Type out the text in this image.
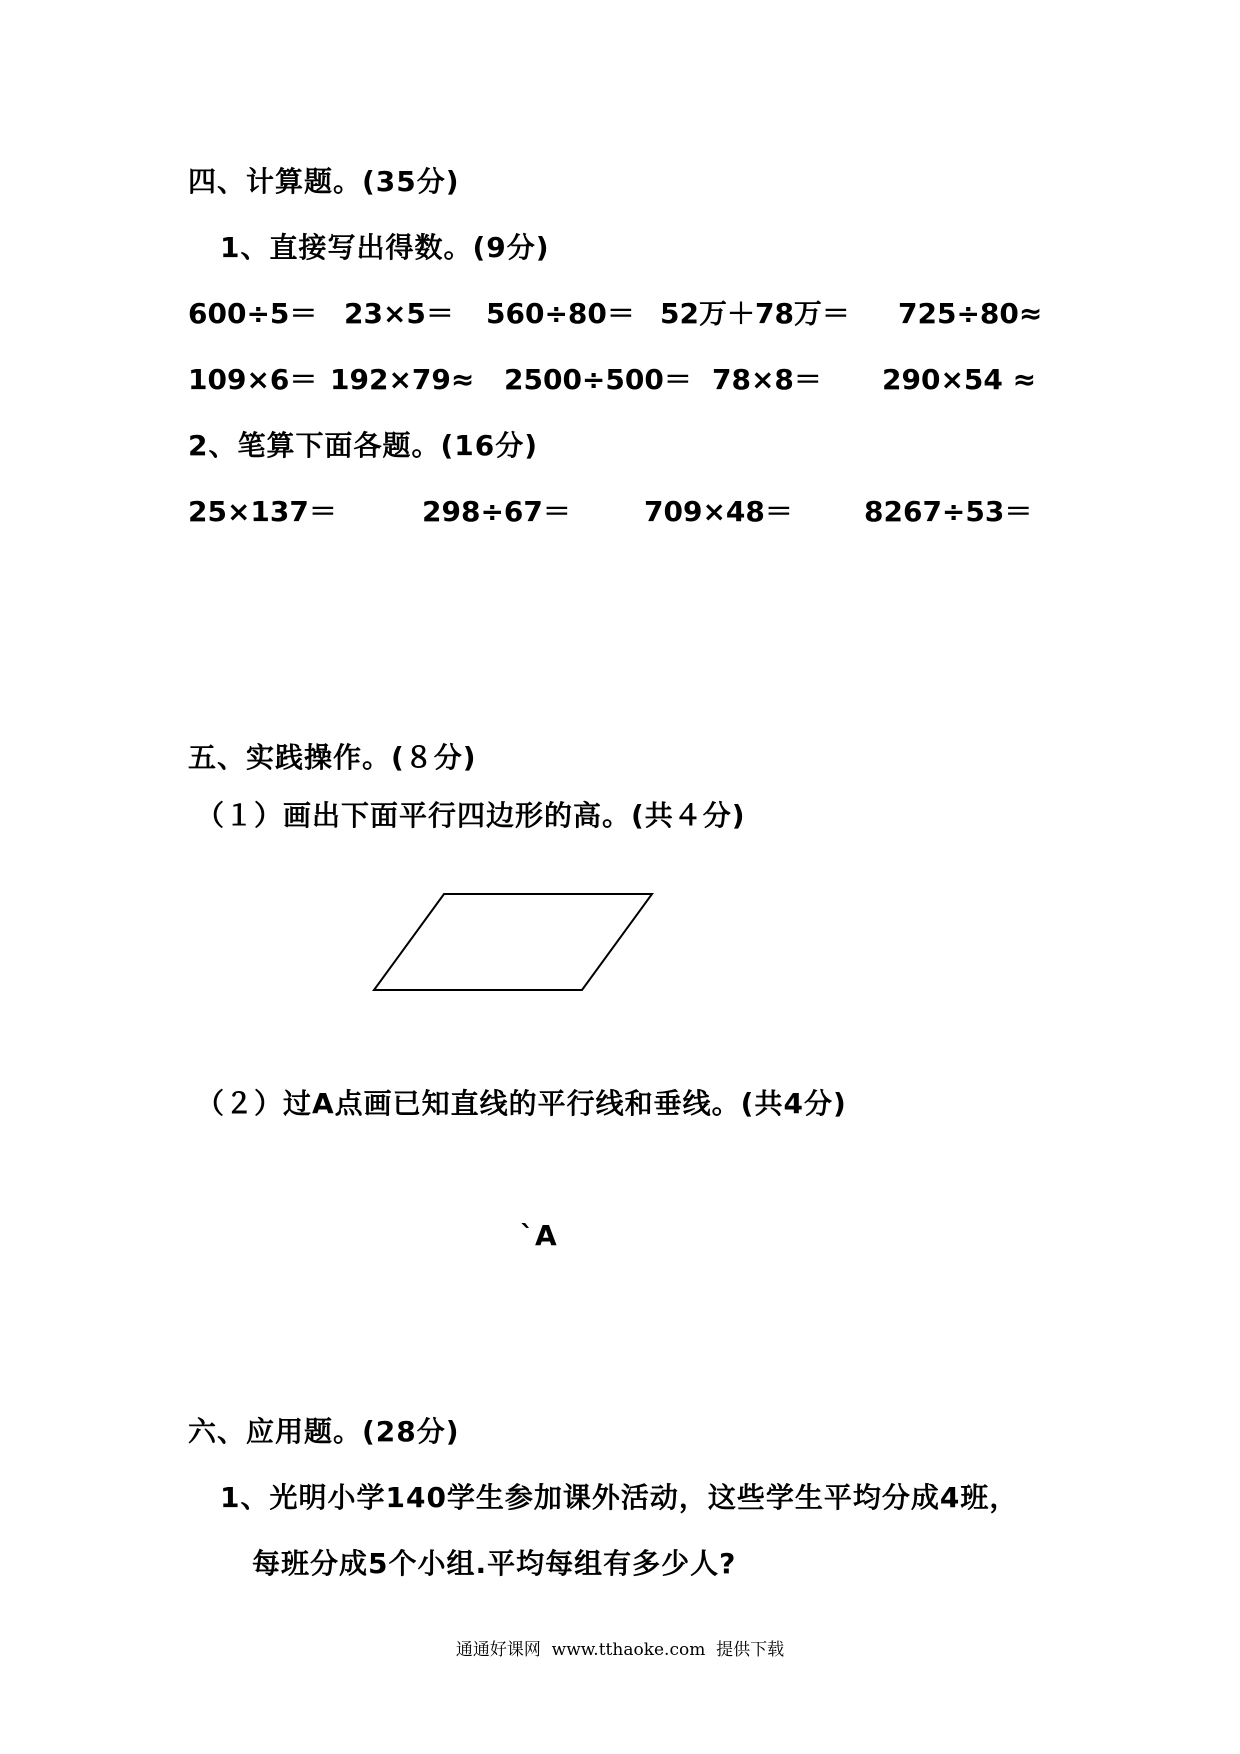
四、计算题。(35分)
1、直接写出得数。(9分)
600÷5＝ 23×5＝ 560÷80＝ 52万＋78万＝ 725÷80≈
109×6＝ 192×79≈ 2500÷500＝ 78×8＝ 290×54 ≈
2、笔算下面各题。(16分)
25×137＝	298÷67＝	709×48＝	8267÷53＝
五、实践操作。(８分)
（１）画出下面平行四边形的高。(共４分)
（２）过A点画已知直线的平行线和垂线。(共4分)
`A
六、应用题。(28分)
1、光明小学140学生参加课外活动，这些学生平均分成4班，
每班分成5个小组.平均每组有多少人?
通通好课网  www.tthaoke.com  提供下载
